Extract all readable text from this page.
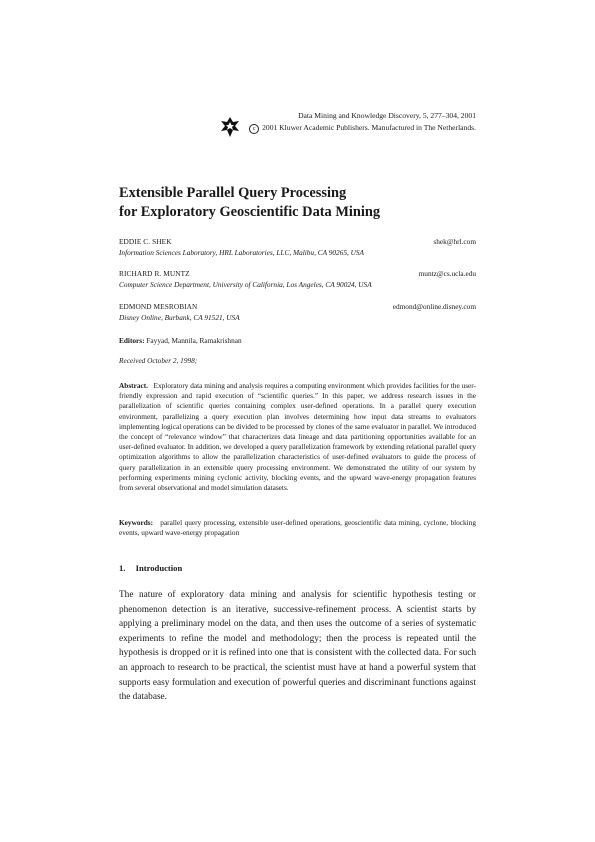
Data Mining and Knowledge Discovery, 5, 277–304, 2001
c 2001 Kluwer Academic Publishers. Manufactured in The Netherlands.
Extensible Parallel Query Processing
for Exploratory Geoscientific Data Mining
EDDIE C. SHEK	shek@hrl.com
Information Sciences Laboratory, HRL Laboratories, LLC, Malibu, CA 90265, USA
RICHARD R. MUNTZ	muntz@cs.ucla.edu
Computer Science Department, University of California, Los Angeles, CA 90024, USA
EDMOND MESROBIAN	edmond@online.disney.com
Disney Online, Burbank, CA 91521, USA
Editors: Fayyad, Mannila, Ramakrishnan
Received October 2, 1998;
Abstract. Exploratory data mining and analysis requires a computing environment which provides facilities for the user-friendly expression and rapid execution of “scientific queries.” In this paper, we address research issues in the parallelization of scientific queries containing complex user-defined operations. In a parallel query execution environment, parallelizing a query execution plan involves determining how input data streams to evaluators implementing logical operations can be divided to be processed by clones of the same evaluator in parallel. We introduced the concept of “relevance window” that characterizes data lineage and data partitioning opportunities available for an user-defined evaluator. In addition, we developed a query parallelization framework by extending relational parallel query optimization algorithms to allow the parallelization characteristics of user-defined evaluators to guide the process of query parallelization in an extensible query processing environment. We demonstrated the utility of our system by performing experiments mining cyclonic activity, blocking events, and the upward wave-energy propagation features from several observational and model simulation datasets.
Keywords: parallel query processing, extensible user-defined operations, geoscientific data mining, cyclone, blocking events, upward wave-energy propagation
1. Introduction
The nature of exploratory data mining and analysis for scientific hypothesis testing or phenomenon detection is an iterative, successive-refinement process. A scientist starts by applying a preliminary model on the data, and then uses the outcome of a series of systematic experiments to refine the model and methodology; then the process is repeated until the hypothesis is dropped or it is refined into one that is consistent with the collected data. For such an approach to research to be practical, the scientist must have at hand a powerful system that supports easy formulation and execution of powerful queries and discriminant functions against the database.
